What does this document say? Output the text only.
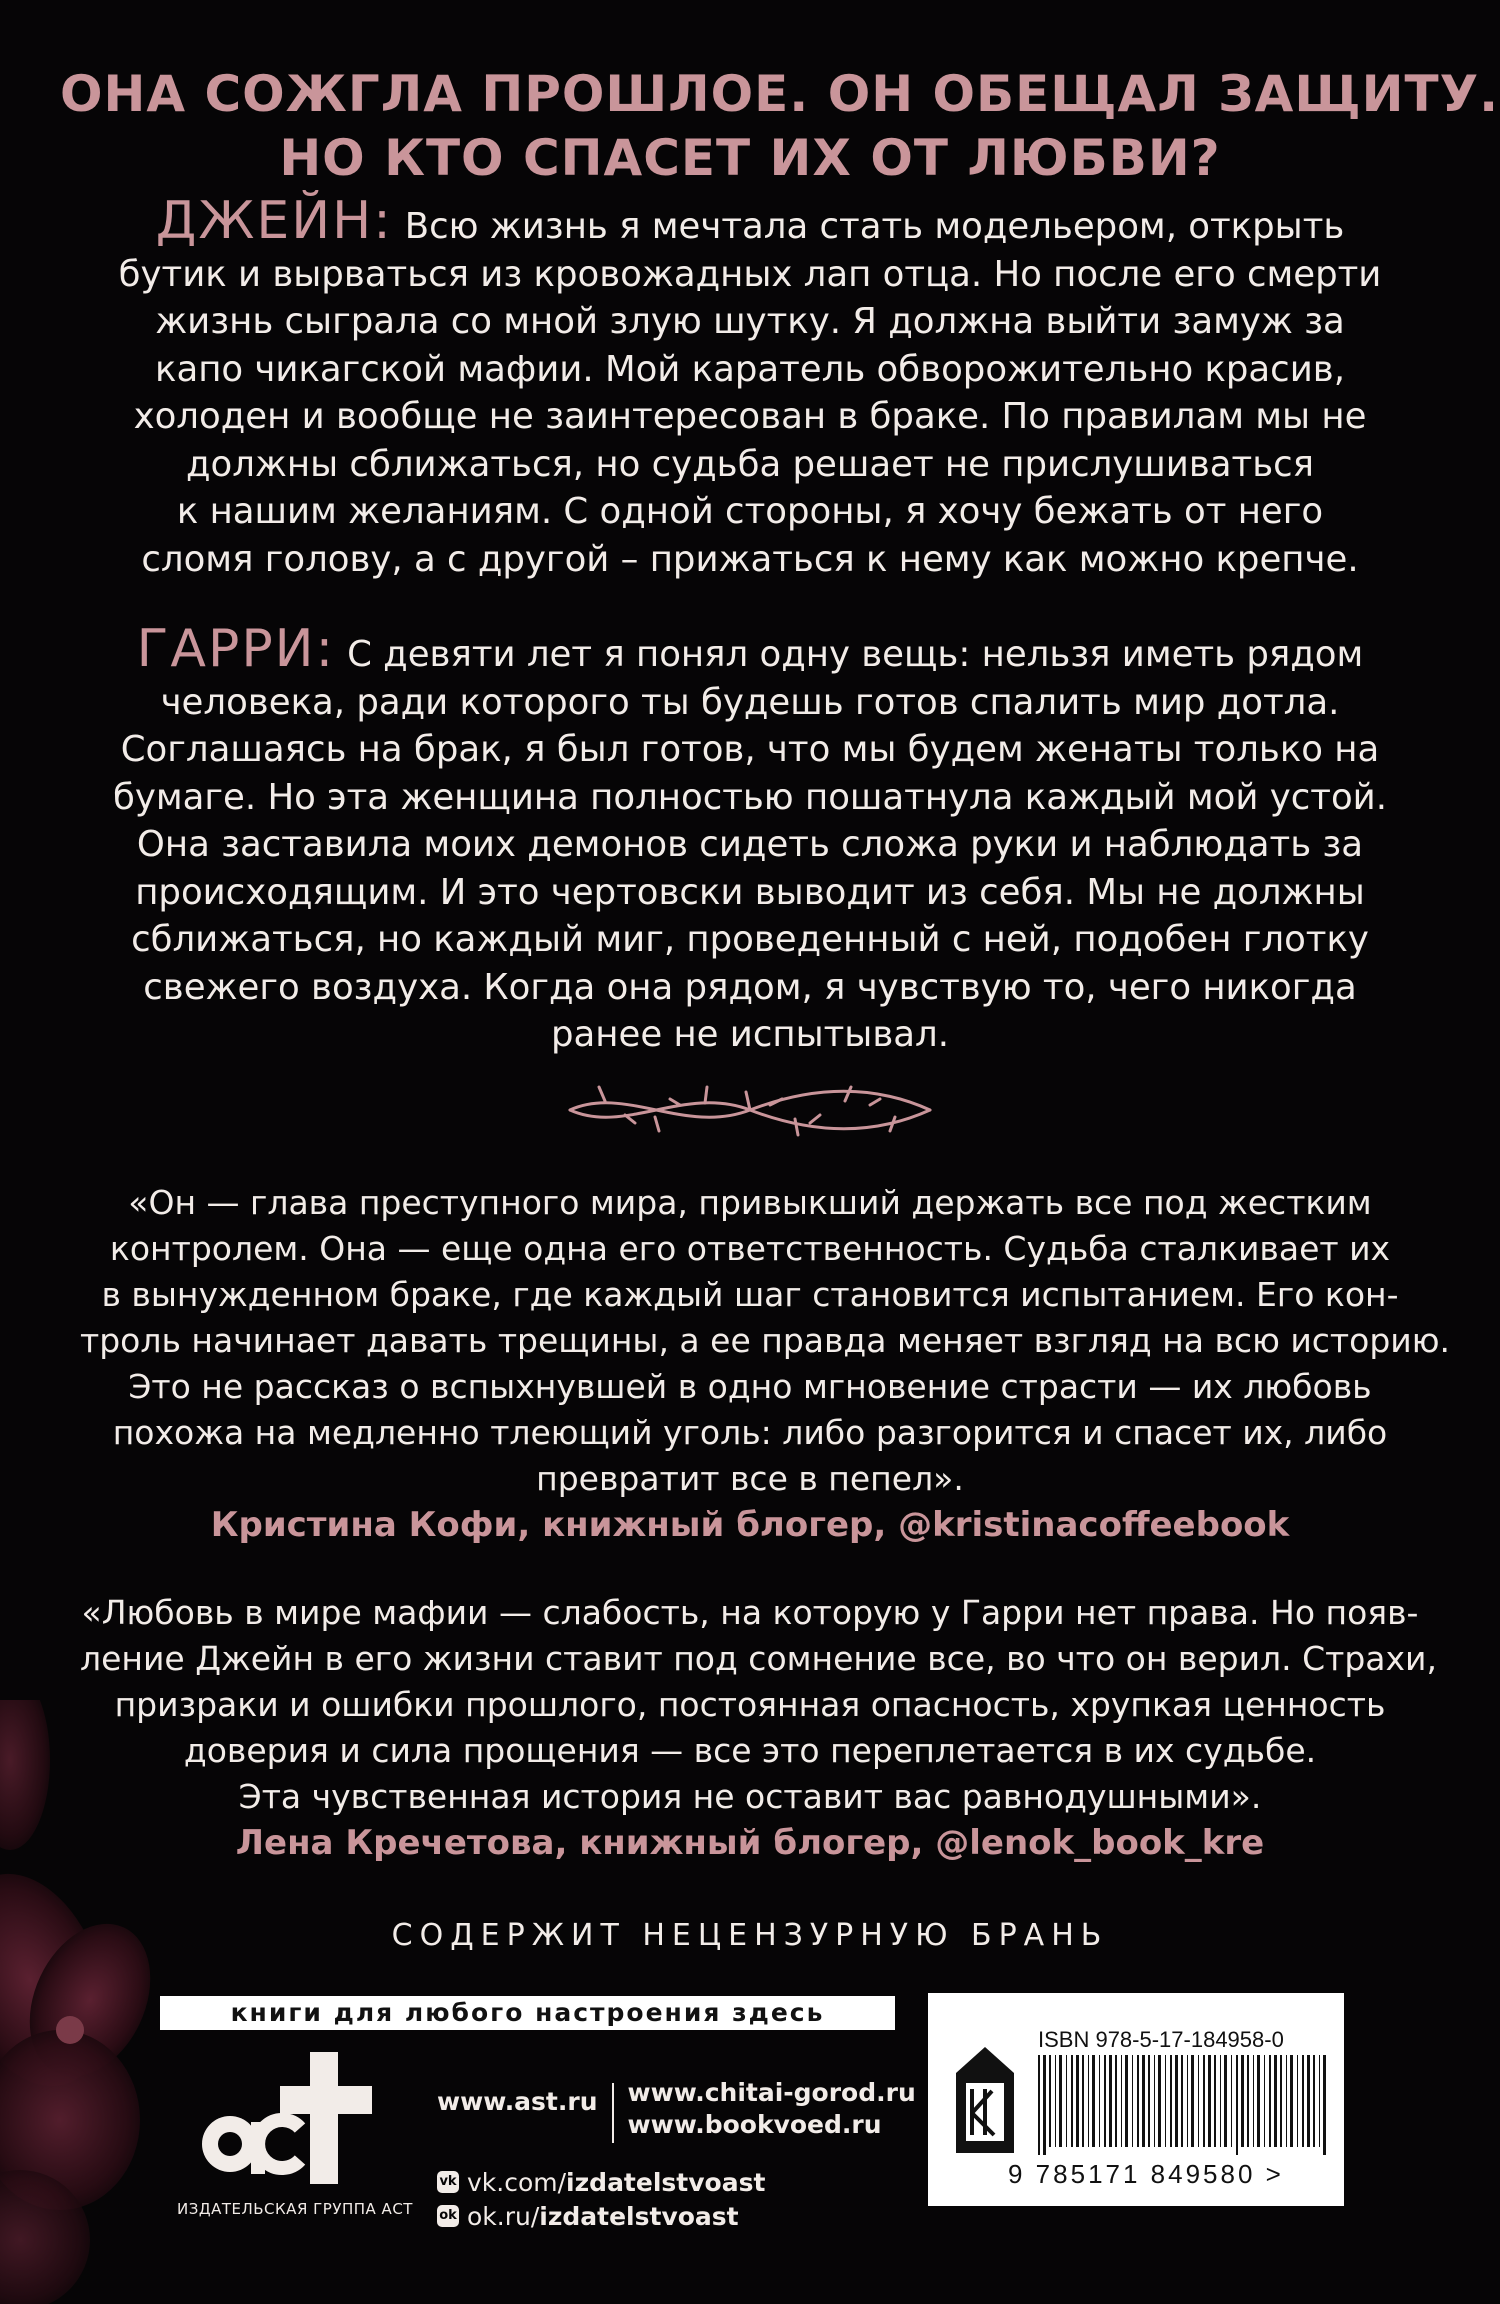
ОНА СОЖГЛА ПРОШЛОЕ. ОН ОБЕЩАЛ ЗАЩИТУ.
НО КТО СПАСЕТ ИХ ОТ ЛЮБВИ?
ДЖЕЙН: Всю жизнь я мечтала стать модельером, открыть
бутик и вырваться из кровожадных лап отца. Но после его смерти
жизнь сыграла со мной злую шутку. Я должна выйти замуж за
капо чикагской мафии. Мой каратель обворожительно красив,
холоден и вообще не заинтересован в браке. По правилам мы не
должны сближаться, но судьба решает не прислушиваться
к нашим желаниям. С одной стороны, я хочу бежать от него
сломя голову, а с другой – прижаться к нему как можно крепче.
ГАРРИ: С девяти лет я понял одну вещь: нельзя иметь рядом
человека, ради которого ты будешь готов спалить мир дотла.
Соглашаясь на брак, я был готов, что мы будем женаты только на
бумаге. Но эта женщина полностью пошатнула каждый мой устой.
Она заставила моих демонов сидеть сложа руки и наблюдать за
происходящим. И это чертовски выводит из себя. Мы не должны
сближаться, но каждый миг, проведенный с ней, подобен глотку
свежего воздуха. Когда она рядом, я чувствую то, чего никогда
ранее не испытывал.
«Он — глава преступного мира, привыкший держать все под жестким
контролем. Она — еще одна его ответственность. Судьба сталкивает их
в вынужденном браке, где каждый шаг становится испытанием. Его кон-
троль начинает давать трещины, а ее правда меняет взгляд на всю историю.
Это не рассказ о вспыхнувшей в одно мгновение страсти — их любовь
похожа на медленно тлеющий уголь: либо разгорится и спасет их, либо
превратит все в пепел».
Кристина Кофи, книжный блогер, @kristinacoffeebook
«Любовь в мире мафии — слабость, на которую у Гарри нет права. Но появ-
ление Джейн в его жизни ставит под сомнение все, во что он верил. Страхи,
призраки и ошибки прошлого, постоянная опасность, хрупкая ценность
доверия и сила прощения — все это переплетается в их судьбе.
Эта чувственная история не оставит вас равнодушными».
Лена Кречетова, книжный блогер, @lenok_book_kre
СОДЕРЖИТ НЕЦЕНЗУРНУЮ БРАНЬ
книги для любого настроения здесь
ИЗДАТЕЛЬСКАЯ ГРУППА АСТ
www.ast.ru	www.chitai-gorod.ru
www.bookvoed.ru
vk vk.com/ izdatelstvoast
ok ok.ru/ izdatelstvoast
ISBN 978-5-17-184958-0
9 785171 849580 >
